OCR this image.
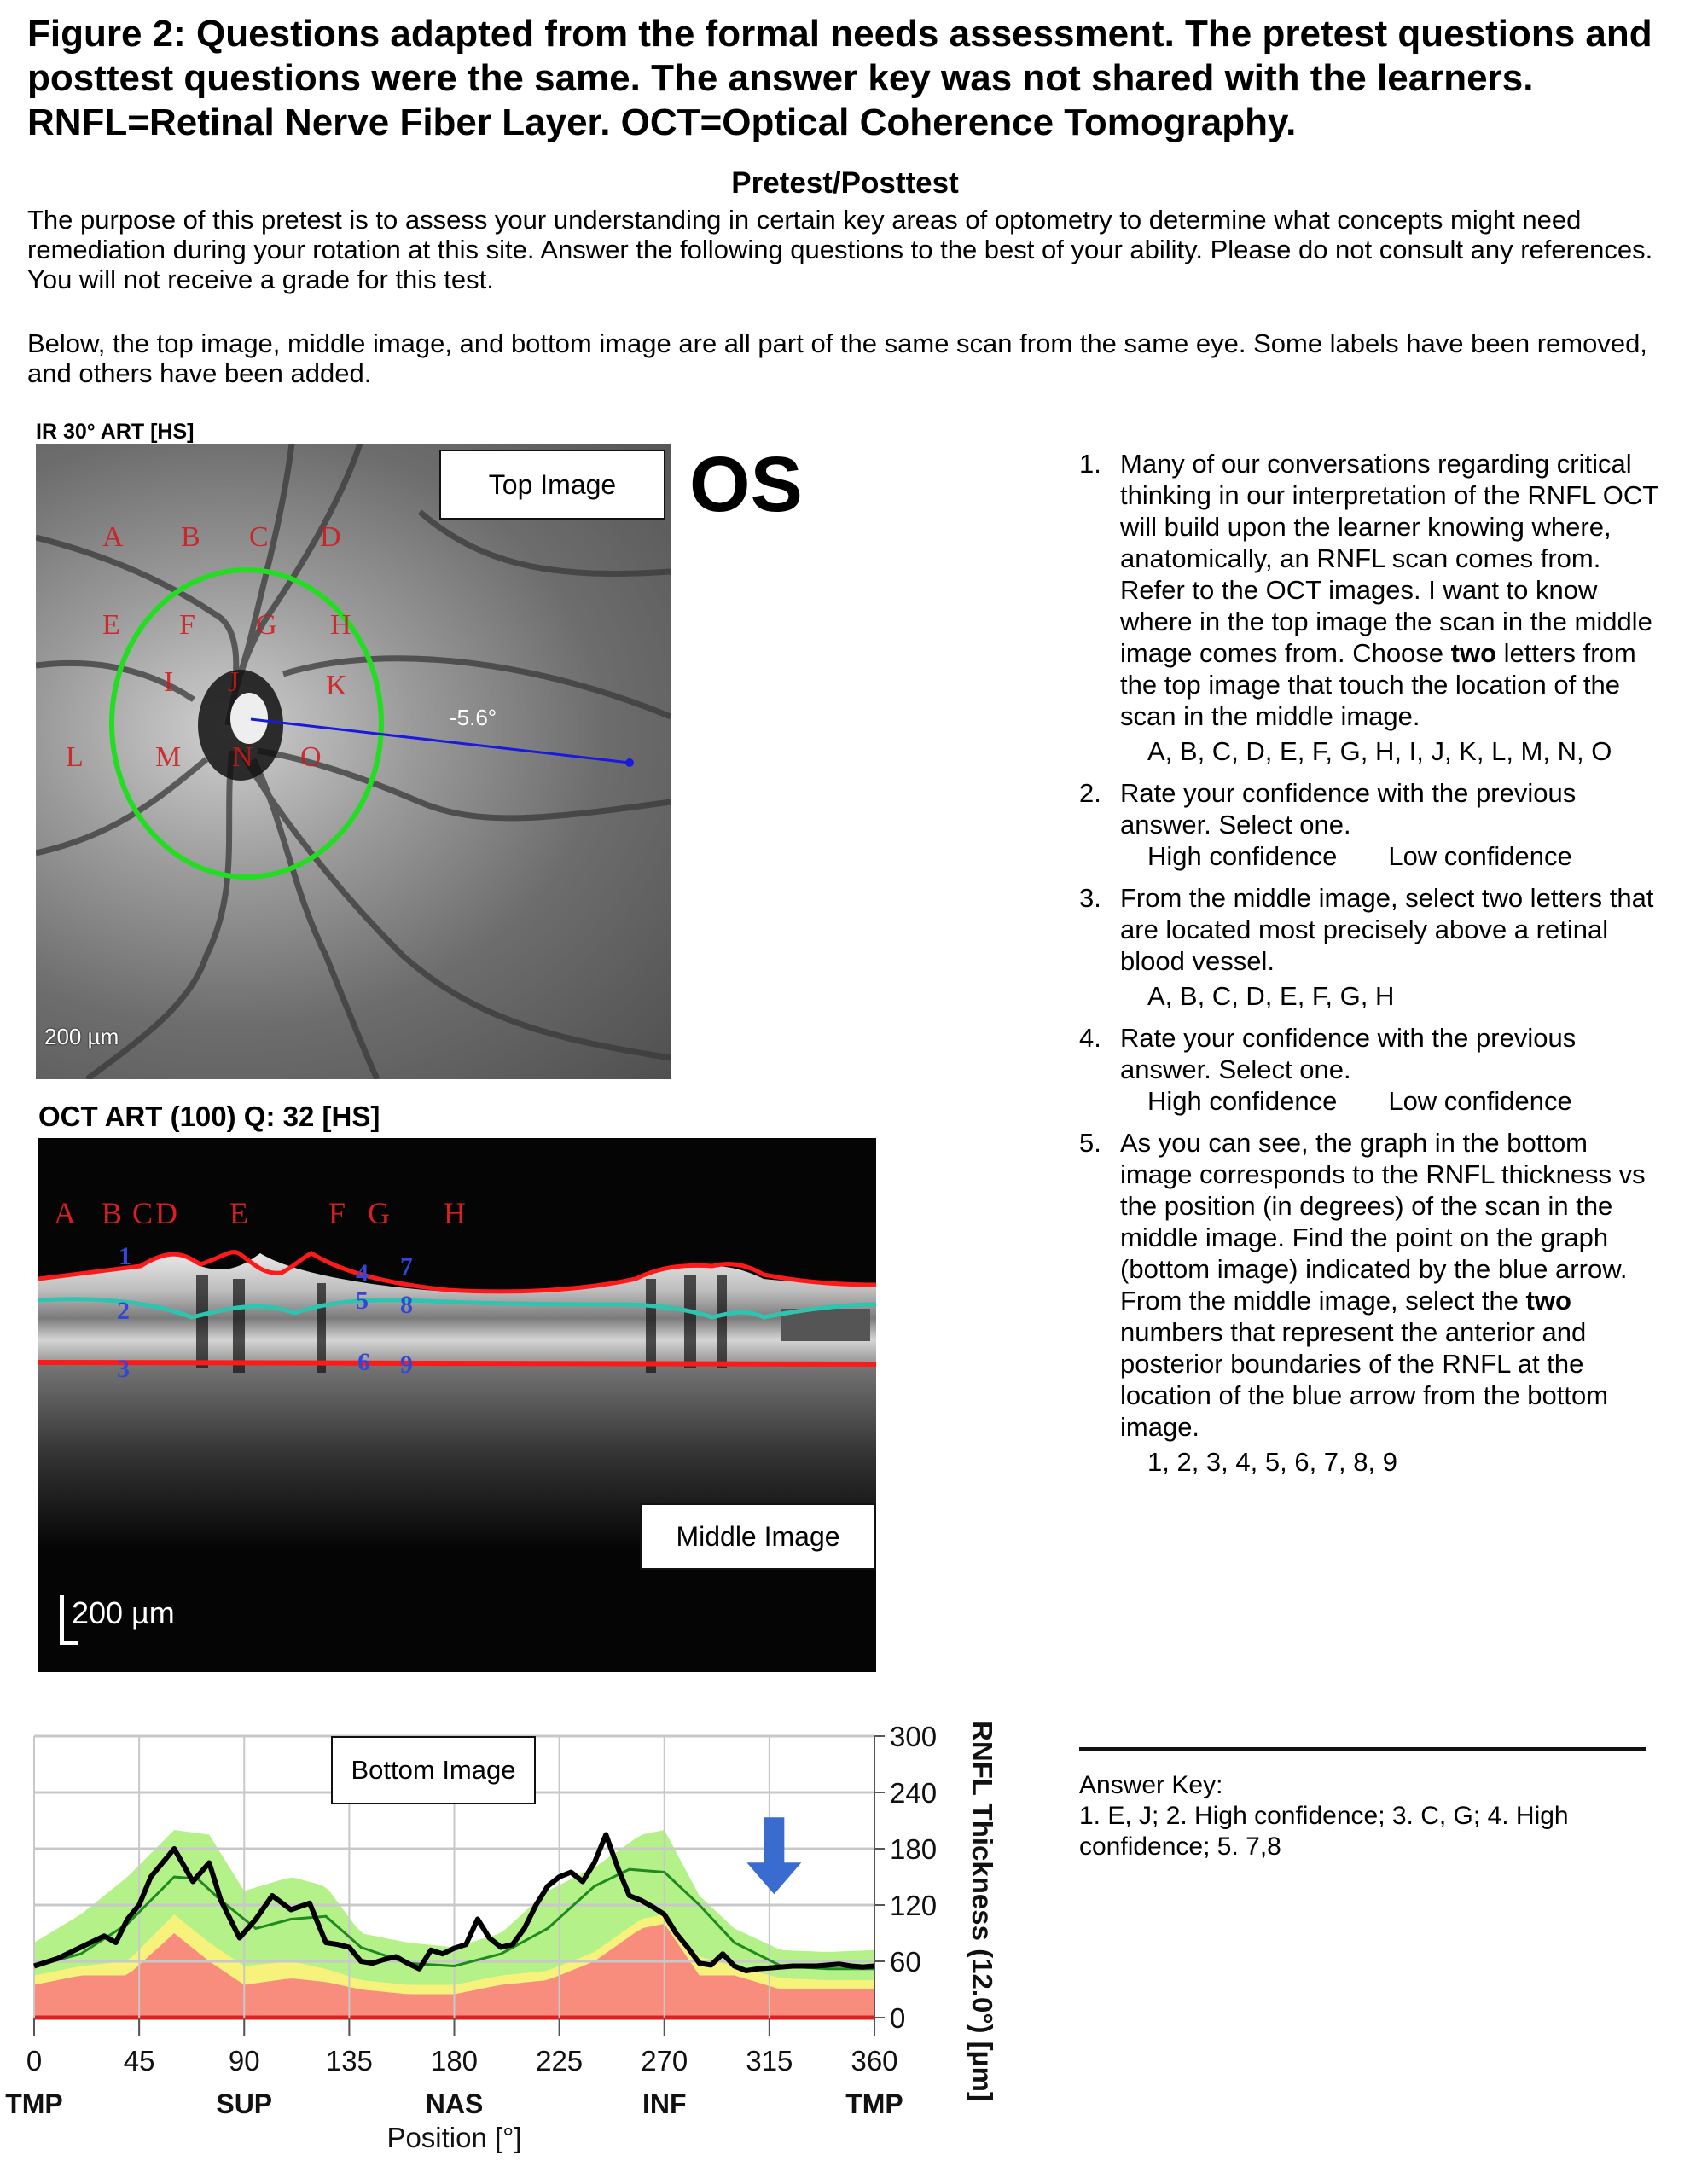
Figure 2: Questions adapted from the formal needs assessment. The pretest questions and posttest questions were the same. The answer key was not shared with the learners. RNFL=Retinal Nerve Fiber Layer. OCT=Optical Coherence Tomography.
Pretest/Posttest
The purpose of this pretest is to assess your understanding in certain key areas of optometry to determine what concepts might need remediation during your rotation at this site. Answer the following questions to the best of your ability. Please do not consult any references. You will not receive a grade for this test.
Below, the top image, middle image, and bottom image are all part of the same scan from the same eye. Some labels have been removed, and others have been added.
IR 30° ART [HS]
-5.6°
A B C D
E F G H
I J	K
L M N O
Top Image OS
200 µm
OCT ART (100) Q: 32 [HS]
A B C D E	F G H
1
2
3
4
5
6
7
8
9
Middle Image
200 µm
0	45	90 135 180 225 270 315 360
0
60
120
180
240
300
TMP	SUP	NAS	INF	TMP
Position [°]
RNFL Thickness (12.0°) [µm]
Bottom Image
1. Many of our conversations regarding critical thinking in our interpretation of the RNFL OCT will build upon the learner knowing where, anatomically, an RNFL scan comes from. Refer to the OCT images. I want to know where in the top image the scan in the middle image comes from. Choose two letters from the top image that touch the location of the scan in the middle image.
A, B, C, D, E, F, G, H, I, J, K, L, M, N, O
2. Rate your confidence with the previous answer. Select one.
High confidence Low confidence
3. From the middle image, select two letters that are located most precisely above a retinal blood vessel.
A, B, C, D, E, F, G, H
4. Rate your confidence with the previous answer. Select one.
High confidence Low confidence
5. As you can see, the graph in the bottom image corresponds to the RNFL thickness vs the position (in degrees) of the scan in the middle image. Find the point on the graph (bottom image) indicated by the blue arrow. From the middle image, select the two numbers that represent the anterior and posterior boundaries of the RNFL at the location of the blue arrow from the bottom image.
1, 2, 3, 4, 5, 6, 7, 8, 9
Answer Key:
1. E, J; 2. High confidence; 3. C, G; 4. High confidence; 5. 7,8
